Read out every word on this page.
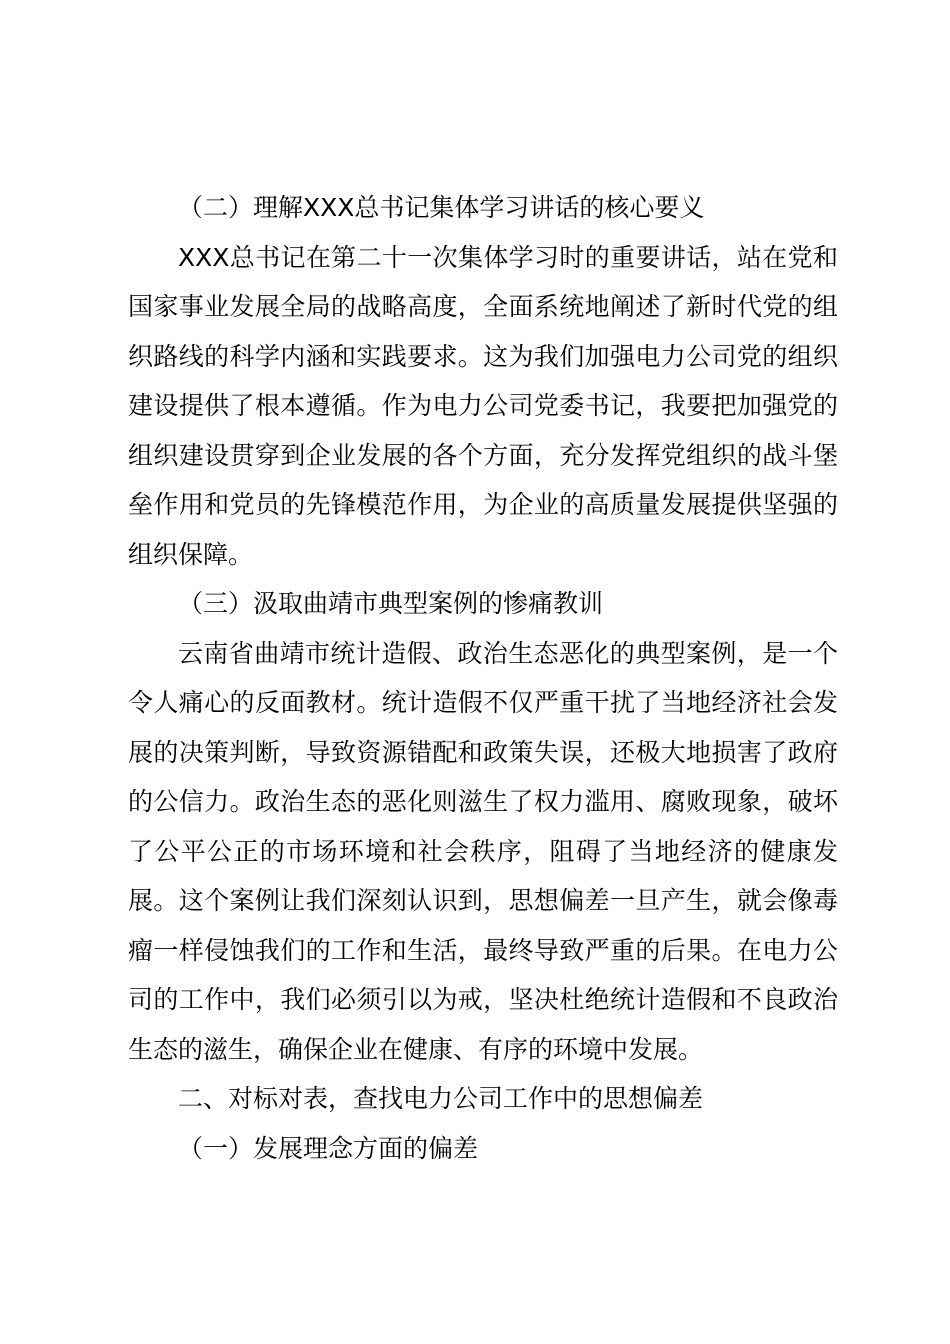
（二）理解XXX总书记集体学习讲话的核心要义

XXX总书记在第二十一次集体学习时的重要讲话，站在党和国家事业发展全局的战略高度，全面系统地阐述了新时代党的组织路线的科学内涵和实践要求。这为我们加强电力公司党的组织建设提供了根本遵循。作为电力公司党委书记，我要把加强党的组织建设贯穿到企业发展的各个方面，充分发挥党组织的战斗堡垒作用和党员的先锋模范作用，为企业的高质量发展提供坚强的组织保障。

（三）汲取曲靖市典型案例的惨痛教训

云南省曲靖市统计造假、政治生态恶化的典型案例，是一个令人痛心的反面教材。统计造假不仅严重干扰了当地经济社会发展的决策判断，导致资源错配和政策失误，还极大地损害了政府的公信力。政治生态的恶化则滋生了权力滥用、腐败现象，破坏了公平公正的市场环境和社会秩序，阻碍了当地经济的健康发展。这个案例让我们深刻认识到，思想偏差一旦产生，就会像毒瘤一样侵蚀我们的工作和生活，最终导致严重的后果。在电力公司的工作中，我们必须引以为戒，坚决杜绝统计造假和不良政治生态的滋生，确保企业在健康、有序的环境中发展。

二、对标对表，查找电力公司工作中的思想偏差

（一）发展理念方面的偏差
